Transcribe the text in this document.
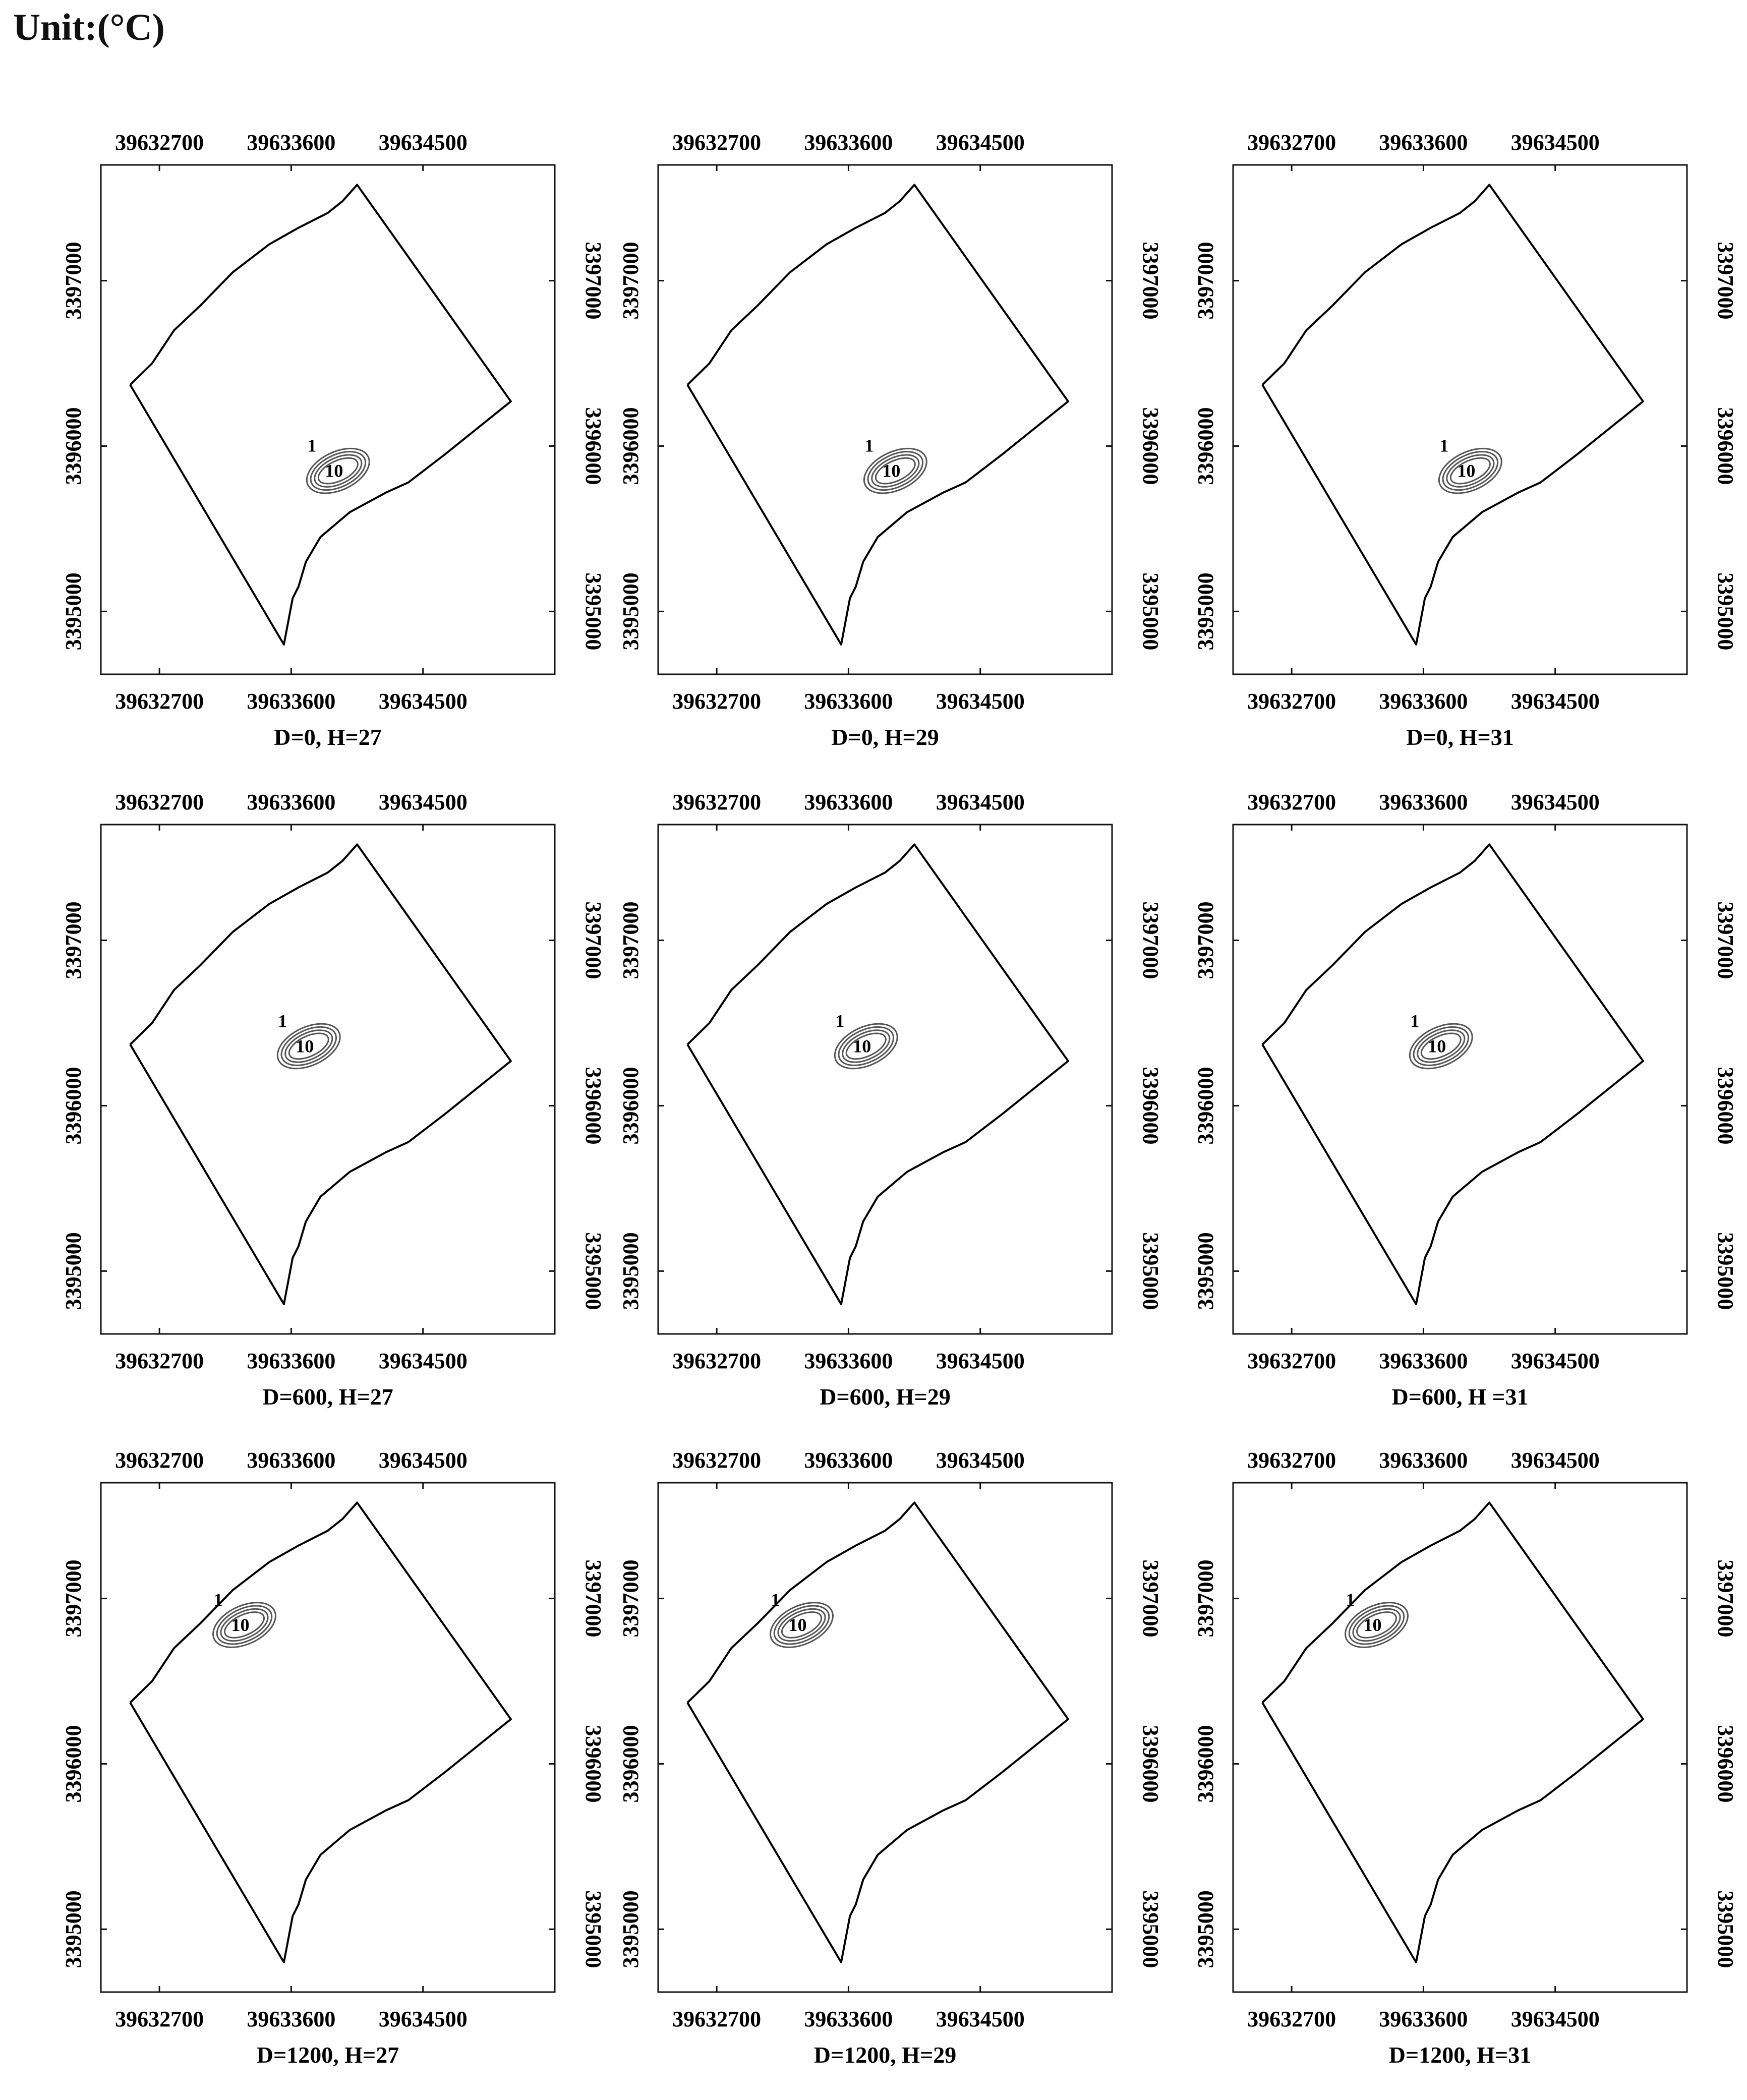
Unit:(°C)
39632700
39632700
39633600
39633600
39634500
39634500
3395000	3395000
3396000	3396000
3397000	3397000
1
10
D=0, H=27
39632700
39632700
39633600
39633600
39634500
39634500
3395000	3395000
3396000	3396000
3397000	3397000
1
10
D=0, H=29
39632700
39632700
39633600
39633600
39634500
39634500
3395000	3395000
3396000	3396000
3397000	3397000
1
10
D=0, H=31
39632700
39632700
39633600
39633600
39634500
39634500
3395000	3395000
3396000	3396000
3397000	3397000
1
10
D=600, H=27
39632700
39632700
39633600
39633600
39634500
39634500
3395000	3395000
3396000	3396000
3397000	3397000
1
10
D=600, H=29
39632700
39632700
39633600
39633600
39634500
39634500
3395000	3395000
3396000	3396000
3397000	3397000
1
10
D=600, H =31
39632700
39632700
39633600
39633600
39634500
39634500
3395000	3395000
3396000	3396000
3397000	3397000
1
10
D=1200, H=27
39632700
39632700
39633600
39633600
39634500
39634500
3395000	3395000
3396000	3396000
3397000	3397000
1
10
D=1200, H=29
39632700
39632700
39633600
39633600
39634500
39634500
3395000	3395000
3396000	3396000
3397000	3397000
1
10
D=1200, H=31
